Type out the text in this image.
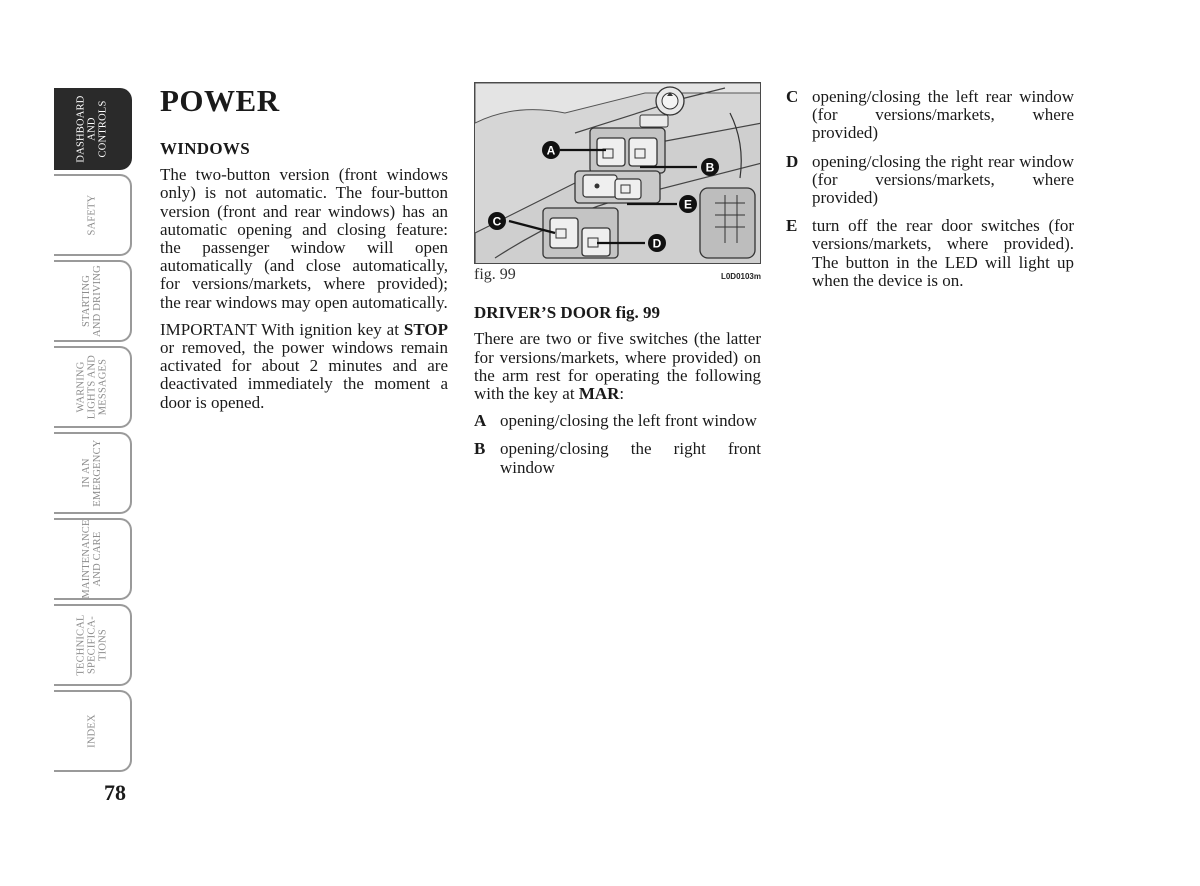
DASHBOARD
AND
CONTROLS
SAFETY
STARTING
AND DRIVING
WARNING
LIGHTS AND
MESSAGES
IN AN
EMERGENCY
MAINTENANCE
AND CARE
TECHNICAL
SPECIFICA-
TIONS
INDEX
78
POWER
WINDOWS

The two-button version (front windows only) is not automatic. The four-button version (front and rear windows) has an automatic opening and closing feature: the passenger window will open automatically (and close automatically, for versions/markets, where provided); the rear windows may open automatically.

IMPORTANT With ignition key at STOP or removed, the power windows remain activated for about 2 minutes and are deactivated immediately the moment a door is opened.

A
B
C
D
E
fig. 99	L0D0103m
DRIVER’S DOOR fig. 99

There are two or five switches (the latter for versions/markets, where provided) on the arm rest for operating the following with the key at MAR:

A opening/closing the left front window
B opening/closing the right front window
C opening/closing the left rear window (for versions/markets, where provided)
D opening/closing the right rear window (for versions/markets, where provided)
E turn off the rear door switches (for versions/markets, where provided). The button in the LED will light up when the device is on.
